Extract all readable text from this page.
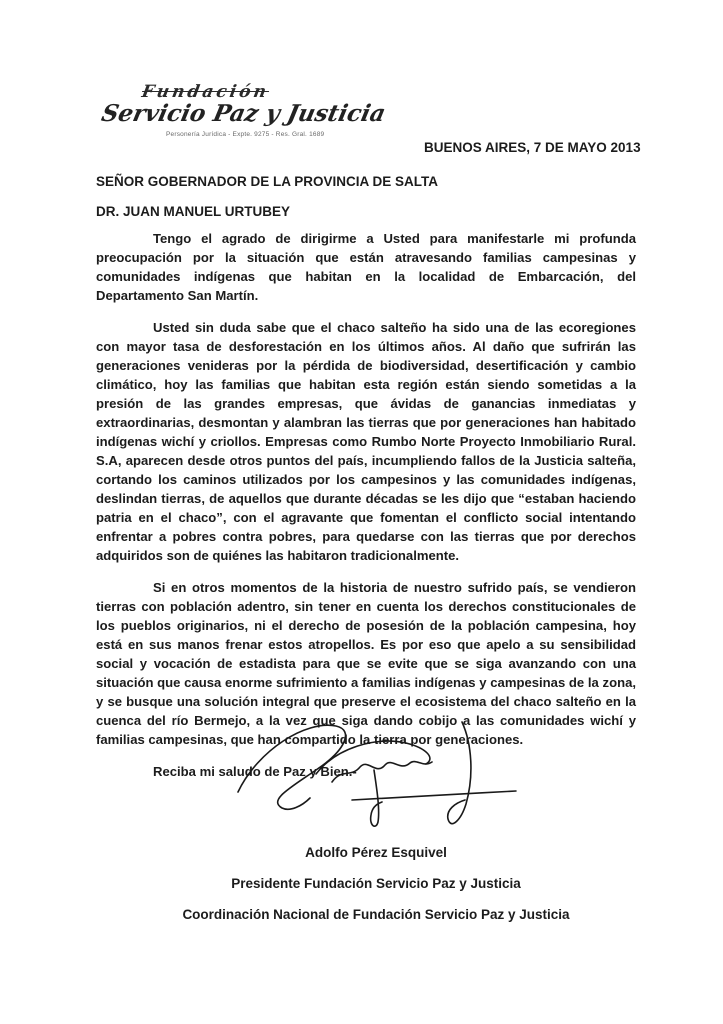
Fundación
Servicio Paz y Justicia
Personería Jurídica - Expte. 9275 - Res. Gral. 1689
BUENOS AIRES, 7 DE MAYO 2013
SEÑOR GOBERNADOR DE LA PROVINCIA DE SALTA
DR. JUAN MANUEL URTUBEY

Tengo el agrado de dirigirme a Usted para manifestarle mi profunda preocupación por la situación que están atravesando familias campesinas y comunidades indígenas que habitan en la localidad de Embarcación, del Departamento San Martín.

Usted sin duda sabe que el chaco salteño ha sido una de las ecoregiones con mayor tasa de desforestación en los últimos años. Al daño que sufrirán las generaciones venideras por la pérdida de biodiversidad, desertificación y cambio climático, hoy las familias que habitan esta región están siendo sometidas a la presión de las grandes empresas, que ávidas de ganancias inmediatas y extraordinarias, desmontan y alambran las tierras que por generaciones han habitado indígenas wichí y criollos. Empresas como Rumbo Norte Proyecto Inmobiliario Rural. S.A, aparecen desde otros puntos del país, incumpliendo fallos de la Justicia salteña, cortando los caminos utilizados por los campesinos y las comunidades indígenas, deslindan tierras, de aquellos que durante décadas se les dijo que “estaban haciendo patria en el chaco”, con el agravante que fomentan el conflicto social intentando enfrentar a pobres contra pobres, para quedarse con las tierras que por derechos adquiridos son de quiénes las habitaron tradicionalmente.

Si en otros momentos de la historia de nuestro sufrido país, se vendieron tierras con población adentro, sin tener en cuenta los derechos constitucionales de los pueblos originarios, ni el derecho de posesión de la población campesina, hoy está en sus manos frenar estos atropellos. Es por eso que apelo a su sensibilidad social y vocación de estadista para que se evite que se siga avanzando con una situación que causa enorme sufrimiento a familias indígenas y campesinas de la zona, y se busque una solución integral que preserve el ecosistema del chaco salteño en la cuenca del río Bermejo, a la vez que siga dando cobijo a las comunidades wichí y familias campesinas, que han compartido la tierra por generaciones.

Reciba mi saludo de Paz y Bien.-
Adolfo Pérez Esquivel
Presidente Fundación Servicio Paz y Justicia
Coordinación Nacional de Fundación Servicio Paz y Justicia
